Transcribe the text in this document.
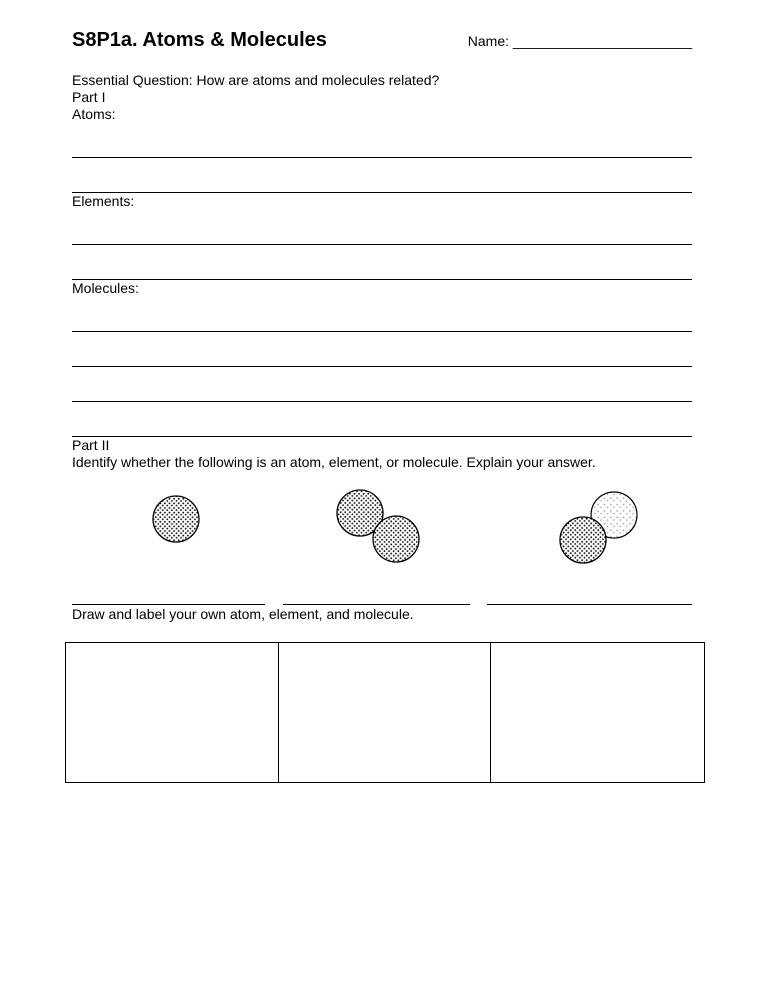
S8P1a. Atoms & Molecules	Name: _______________________

Essential Question: How are atoms and molecules related?

Part I

Atoms:

Elements:

Molecules:

Part II

Identify whether the following is an atom, element, or molecule. Explain your answer.

Draw and label your own atom, element, and molecule.
